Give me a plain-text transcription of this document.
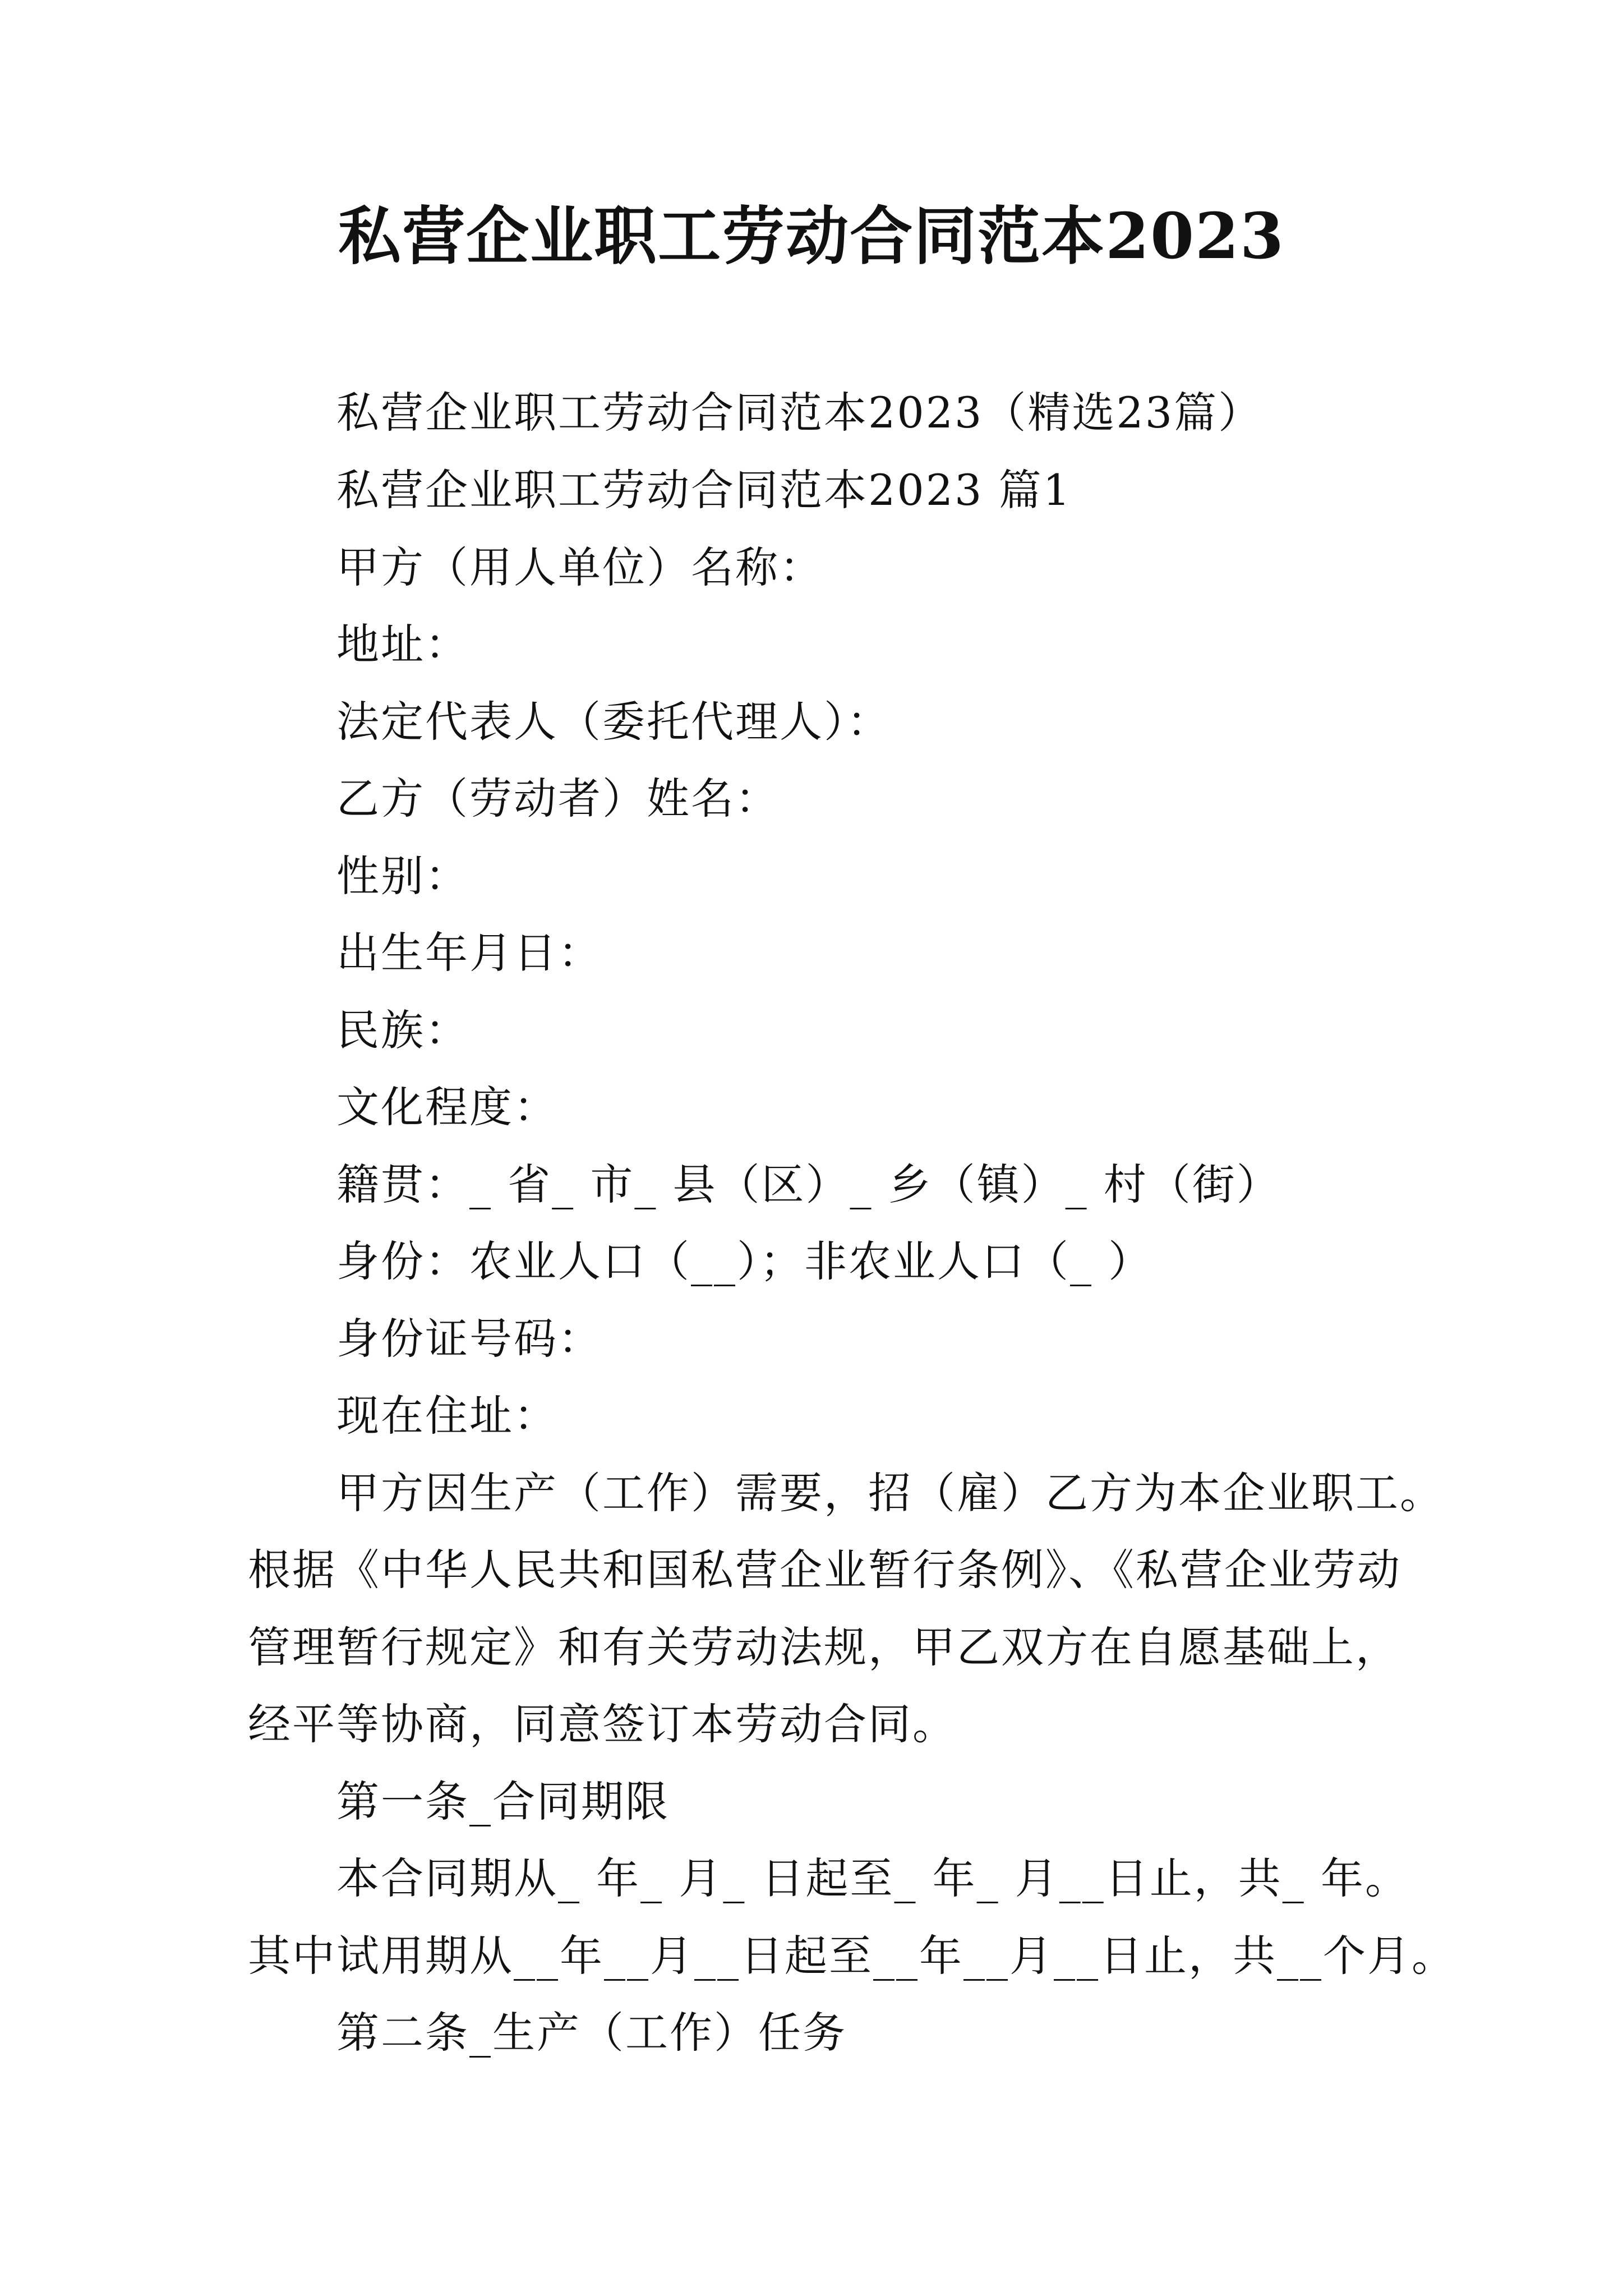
私营企业职工劳动合同范本2023
私营企业职工劳动合同范本2023（精选23篇）
私营企业职工劳动合同范本2023 篇1
甲方（用人单位）名称：
地址：
法定代表人（委托代理人）：
乙方（劳动者）姓名：
性别：
出生年月日：
民族：
文化程度：
籍贯：_ 省_ 市_ 县（区）_ 乡（镇）_ 村（街）
身份：农业人口（__）；非农业人口（_ ）
身份证号码：
现在住址：
甲方因生产（工作）需要，招（雇）乙方为本企业职工。
根据《中华人民共和国私营企业暂行条例》、《私营企业劳动
管理暂行规定》和有关劳动法规，甲乙双方在自愿基础上，
经平等协商，同意签订本劳动合同。
第一条_合同期限
本合同期从_ 年_ 月_ 日起至_ 年_ 月__日止，共_ 年。
其中试用期从__年__月__日起至__年__月__日止，共__个月。
第二条_生产（工作）任务
